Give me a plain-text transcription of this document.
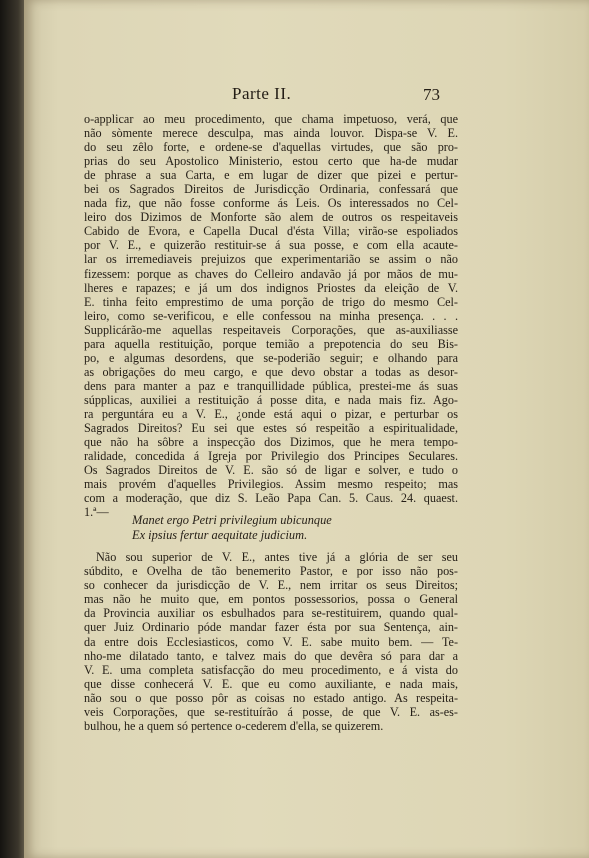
Parte II.	73
o-applicar ao meu procedimento, que chama impetuoso, verá, que
não sòmente merece desculpa, mas ainda louvor. Dispa-se V. E.
do seu zêlo forte, e ordene-se d'aquellas virtudes, que são pro-
prias do seu Apostolico Ministerio, estou certo que ha-de mudar
de phrase a sua Carta, e em lugar de dizer que pizei e pertur-
bei os Sagrados Direitos de Jurisdicção Ordinaria, confessará que
nada fiz, que não fosse conforme ás Leis. Os interessados no Cel-
leiro dos Dizimos de Monforte são alem de outros os respeitaveis
Cabido de Evora, e Capella Ducal d'ésta Villa; virão-se espoliados
por V. E., e quizerão restituir-se á sua posse, e com ella acaute-
lar os irremediaveis prejuizos que experimentarião se assim o não
fizessem: porque as chaves do Celleiro andavão já por mãos de mu-
lheres e rapazes; e já um dos indignos Priostes da eleição de V.
E. tinha feito emprestimo de uma porção de trigo do mesmo Cel-
leiro, como se-verificou, e elle confessou na minha presença. . . .
Supplicárão-me aquellas respeitaveis Corporações, que as-auxiliasse
para aquella restituição, porque temião a prepotencia do seu Bis-
po, e algumas desordens, que se-poderião seguir; e olhando para
as obrigações do meu cargo, e que devo obstar a todas as desor-
dens para manter a paz e tranquillidade pública, prestei-me ás suas
súpplicas, auxiliei a restituição á posse dita, e nada mais fiz. Ago-
ra perguntára eu a V. E., ¿onde está aqui o pizar, e perturbar os
Sagrados Direitos? Eu sei que estes só respeitão a espiritualidade,
que não ha sôbre a inspecção dos Dizimos, que he mera tempo-
ralidade, concedida á Igreja por Privilegio dos Principes Seculares.
Os Sagrados Direitos de V. E. são só de ligar e solver, e tudo o
mais provém d'aquelles Privilegios. Assim mesmo respeito; mas
com a moderação, que diz S. Leão Papa Can. 5. Caus. 24. quaest.
1.ª—
Manet ergo Petri privilegium ubicunque
Ex ipsius fertur aequitate judicium.
Não sou superior de V. E., antes tive já a glória de ser seu
súbdito, e Ovelha de tão benemerito Pastor, e por isso não pos-
so conhecer da jurisdicção de V. E., nem irritar os seus Direitos;
mas não he muito que, em pontos possessorios, possa o General
da Provincia auxiliar os esbulhados para se-restituirem, quando qual-
quer Juiz Ordinario póde mandar fazer ésta por sua Sentença, ain-
da entre dois Ecclesiasticos, como V. E. sabe muito bem. — Te-
nho-me dilatado tanto, e talvez mais do que devêra só para dar a
V. E. uma completa satisfacção do meu procedimento, e á vista do
que disse conhecerá V. E. que eu como auxiliante, e nada mais,
não sou o que posso pôr as coisas no estado antigo. As respeita-
veis Corporações, que se-restituírão á posse, de que V. E. as-es-
bulhou, he a quem só pertence o-cederem d'ella, se quizerem.
